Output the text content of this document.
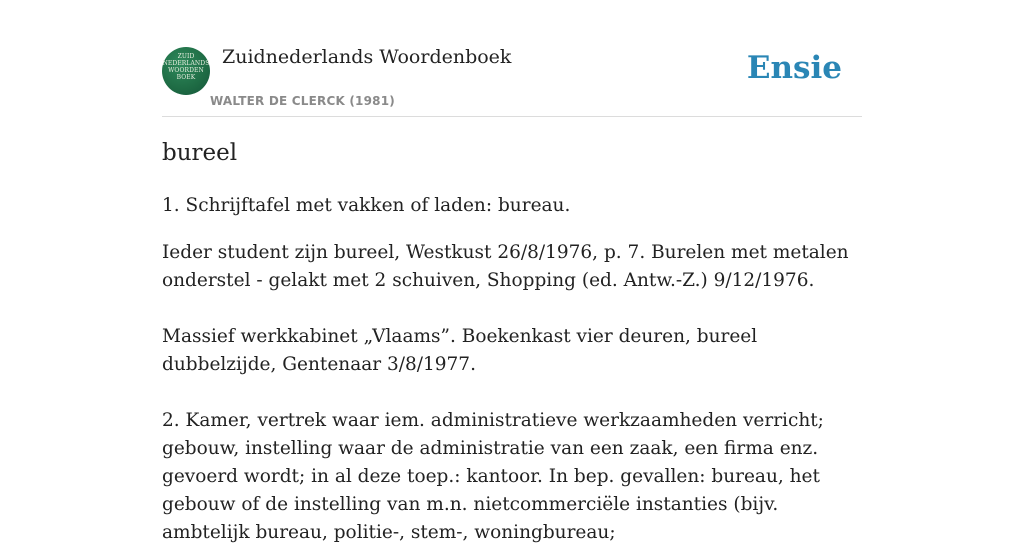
ZUID
NEDERLANDS
WOORDEN
BOEK
Zuidnederlands Woordenboek
WALTER DE CLERCK (1981)
Ensie
bureel
1. Schrijftafel met vakken of laden: bureau.
Ieder student zijn bureel, Westkust 26/8/1976, p. 7. Burelen met metalen onderstel - gelakt met 2 schuiven, Shopping (ed. Antw.-Z.) 9/12/1976.
Massief werkkabinet „Vlaams”. Boekenkast vier deuren, bureel dubbelzijde, Gentenaar 3/8/1977.
2. Kamer, vertrek waar iem. administratieve werkzaamheden verricht; gebouw, instelling waar de administratie van een zaak, een firma enz. gevoerd wordt; in al deze toep.: kantoor. In bep. gevallen: bureau, het gebouw of de instelling van m.n. nietcommerciële instanties (bijv. ambtelijk bureau, politie-, stem-, woningbureau;
